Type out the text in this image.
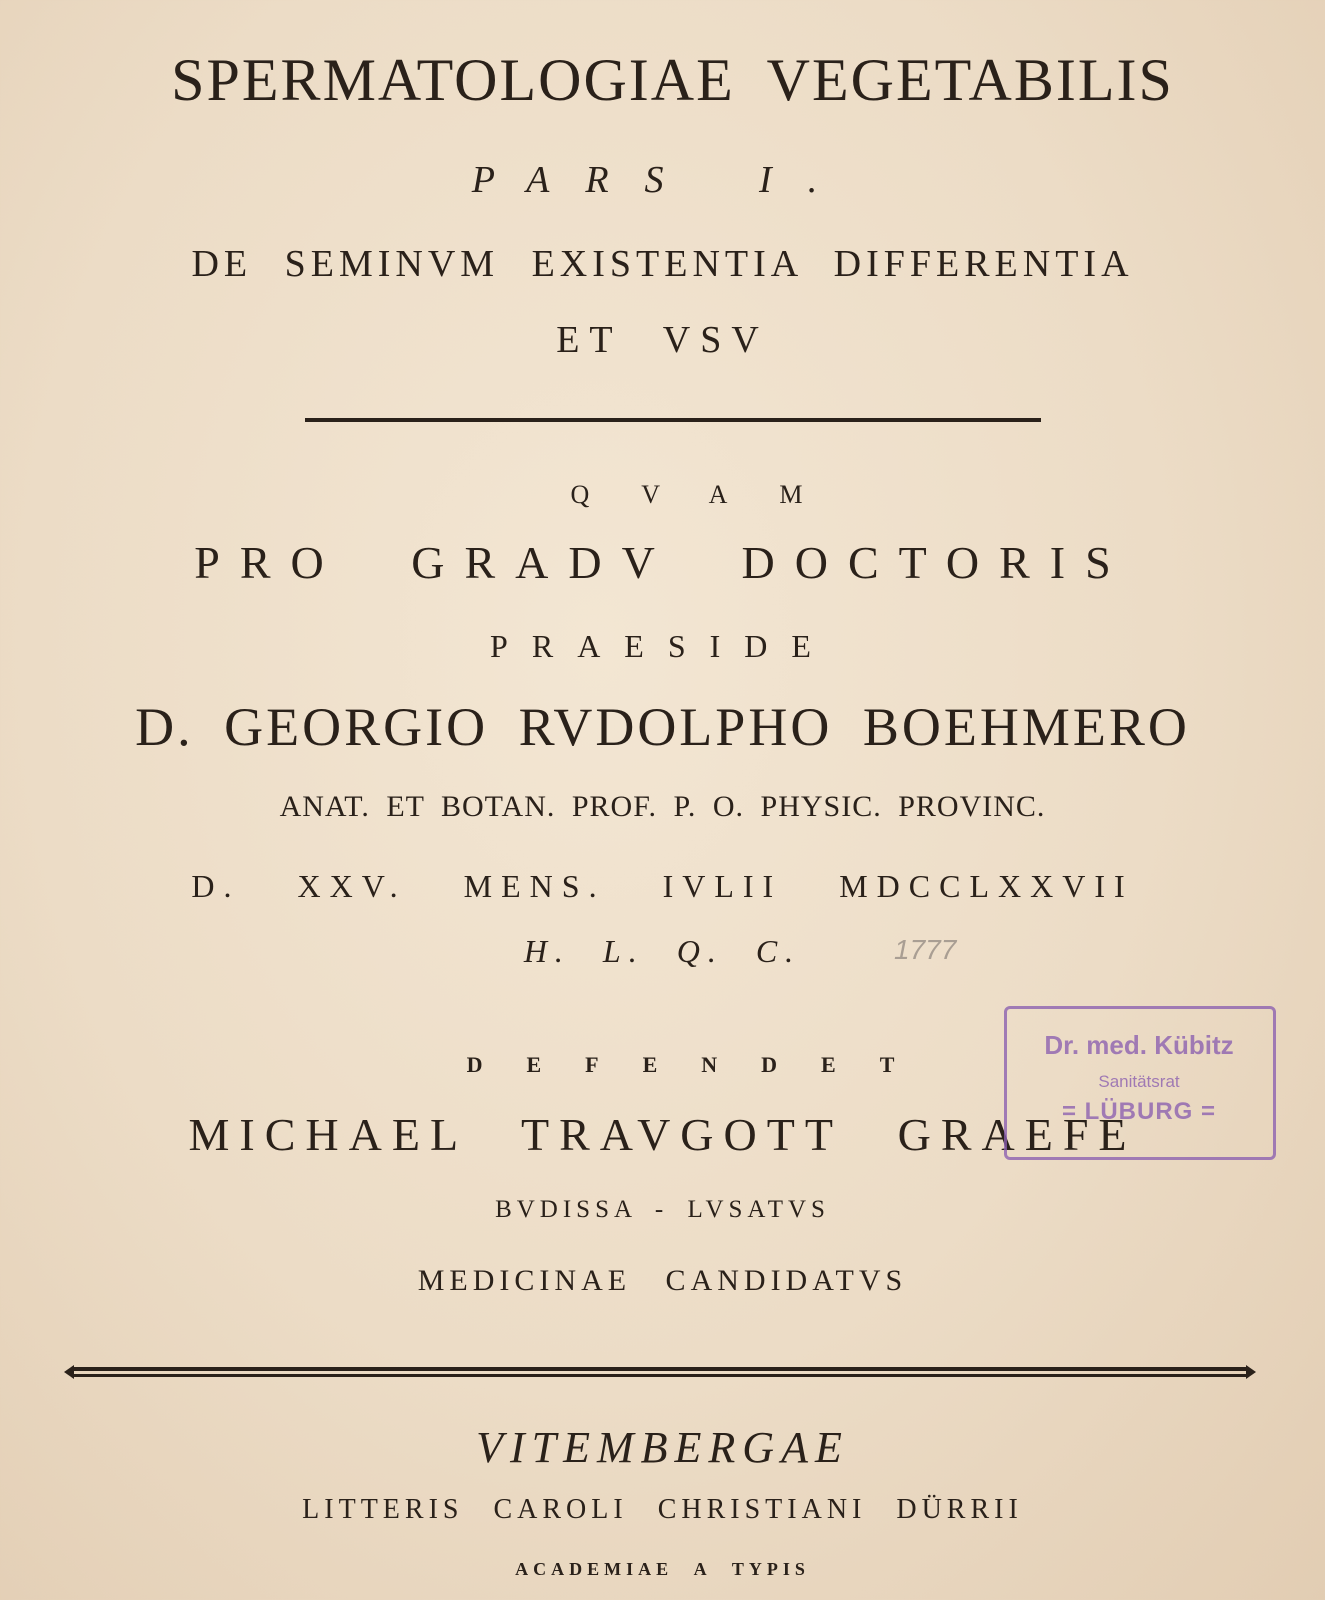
SPERMATOLOGIAE VEGETABILIS
PARS I.
DE SEMINVM EXISTENTIA DIFFERENTIA
ET VSV
QVAM
PRO GRADV DOCTORIS
PRAESIDE
D. GEORGIO RVDOLPHO BOEHMERO
ANAT. ET BOTAN. PROF. P. O. PHYSIC. PROVINC.
D. XXV. MENS. IVLII MDCCLXXVII
H. L. Q. C.	1777
DEFENDET
MICHAEL TRAVGOTT GRAEFE
BVDISSA - LVSATVS
MEDICINAE CANDIDATVS
VITEMBERGAE
LITTERIS CAROLI CHRISTIANI DÜRRII
ACADEMIAE A TYPIS
Dr. med. Kübitz
Sanitätsrat
= LÜBURG =
